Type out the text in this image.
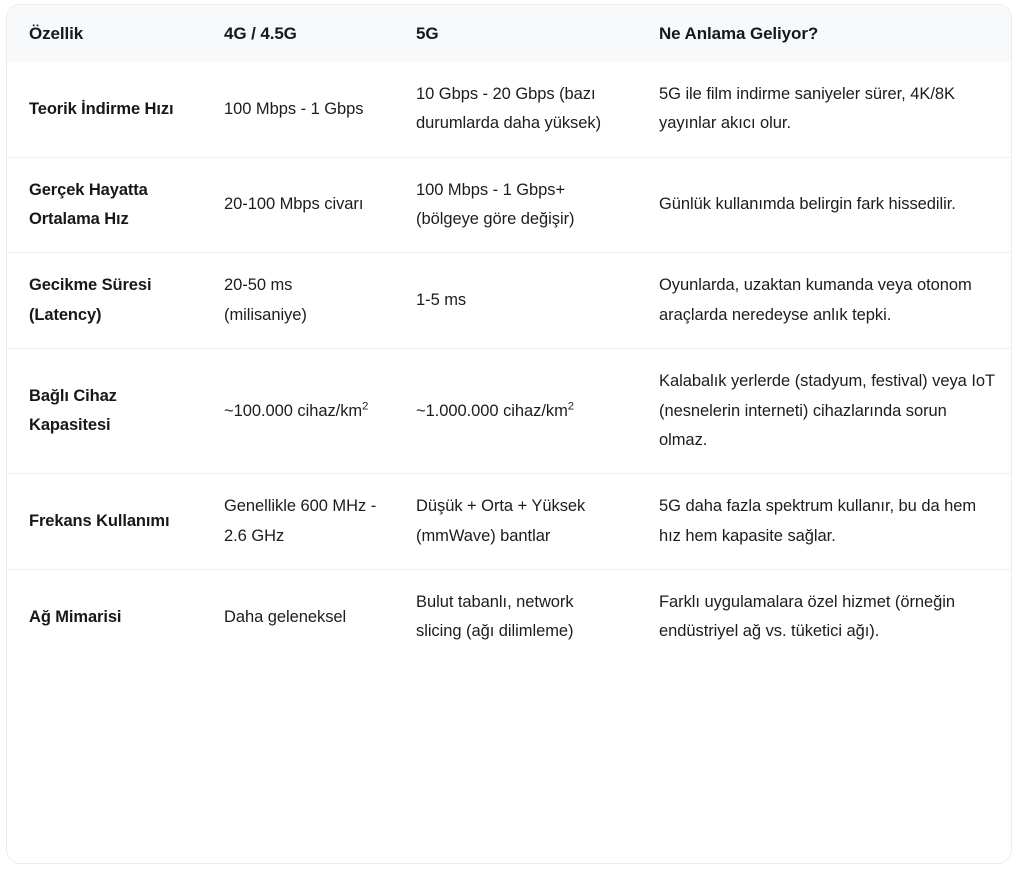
Özellik	4G / 4.5G	5G	Ne Anlama Geliyor?
Teorik İndirme Hızı	100 Mbps - 1 Gbps	10 Gbps - 20 Gbps (bazı durumlarda daha yüksek)	5G ile film indirme saniyeler sürer, 4K/8K yayınlar akıcı olur.
Gerçek Hayatta Ortalama Hız	20-100 Mbps civarı	100 Mbps - 1 Gbps+ (bölgeye göre değişir)	Günlük kullanımda belirgin fark hissedilir.
Gecikme Süresi (Latency)	20-50 ms (milisaniye)	1-5 ms	Oyunlarda, uzaktan kumanda veya otonom araçlarda neredeyse anlık tepki.
Bağlı Cihaz Kapasitesi	~100.000 cihaz/$km^2$	~1.000.000 cihaz/$km^2$	Kalabalık yerlerde (stadyum, festival) veya IoT (nesnelerin interneti) cihazlarında sorun olmaz.
Frekans Kullanımı	Genellikle 600 MHz - 2.6 GHz	Düşük + Orta + Yüksek (mmWave) bantlar	5G daha fazla spektrum kullanır, bu da hem hız hem kapasite sağlar.
Ağ Mimarisi	Daha geleneksel	Bulut tabanlı, network slicing (ağı dilimleme)	Farklı uygulamalara özel hizmet (örneğin endüstriyel ağ vs. tüketici ağı).
